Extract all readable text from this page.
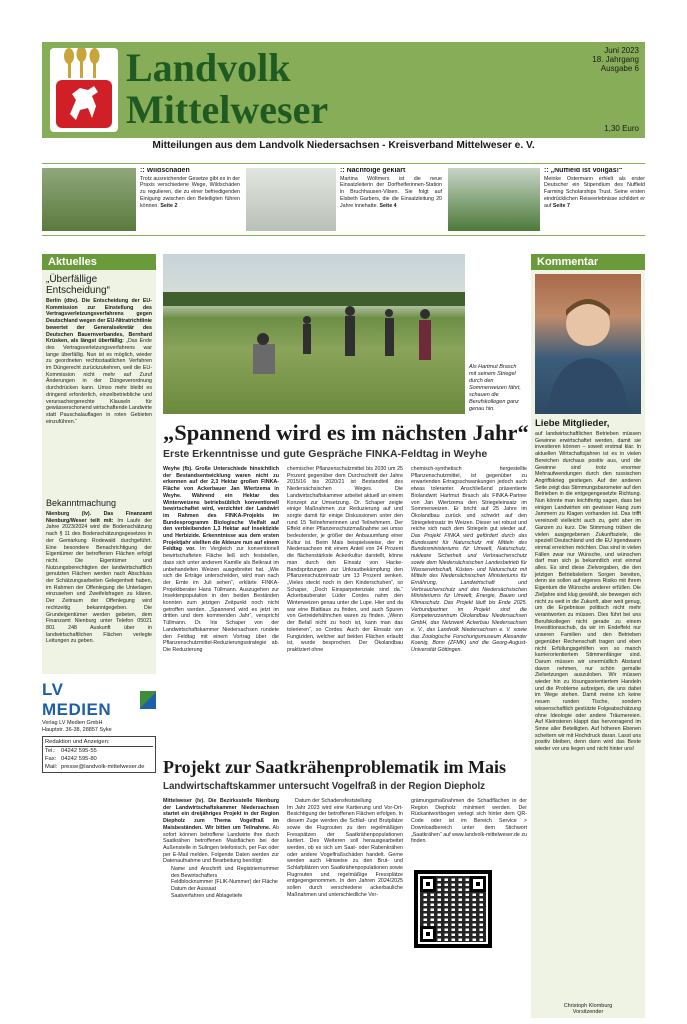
Landvolk
Mittelweser
Juni 2023
18. Jahrgang
Ausgabe 6
1,30 Euro
Mitteilungen aus dem Landvolk Niedersachsen - Kreisverband Mittelweser e. V.
:: Wildschäden
Trotz ausreichender Gesetze gibt es in der Praxis verschiedene Wege, Wildschäden zu regulieren, die zu einer befriedigenden Einigung zwischen den Beteiligten führen können. Seite 2
:: Nachfolge geklärt
Martina Wöltmers ist die neue Einsatzleiterin der Dorfhelferinnen-Station in Bruchhausen-Vilsen. Sie folgt auf Elsbeth Garbers, die die Einsatzleitung 20 Jahre innehatte. Seite 4
:: „Nuffield ist Voilgas!“
Meinke Ostermann erhielt als erster Deutscher ein Stipendium des Nuffield Farming Scholarships Trust. Seine ersten eindrücklichen Reiseerlebnisse schildert er auf Seite 7
Aktuelles
„Überfällige Entscheidung“
Berlin (dbv). Die Entscheidung der EU-Kommission zur Einstellung des Vertragsverletzungsverfahrens gegen Deutschland wegen der EU-Nitratrichtlinie bewertet der Generalsekretär des Deutschen Bauernverbandes, Bernhard Krüsken, als längst überfällig: „Das Ende des Vertragsverletzungsverfahrens war lange überfällig. Nun ist es möglich, wieder zu geordneten rechtsstaatlichen Verfahren im Düngerecht zurückzukehren, weil die EU-Kommission nicht mehr auf Zuruf Änderungen in der Düngeverordnung durchdrücken kann. Umso mehr bleibt es dringend erforderlich, einzelbetriebliche und verursachergerechte Klauseln für gewässerschonend wirtschaftende Landwirte statt Pauschalauflagen in roten Gebieten einzuführen.“
Bekanntmachung
Nienburg (lv). Das Finanzamt Nienburg/Weser teilt mit: Im Laufe der Jahre 2023/2024 wird die Bodenschätzung nach § 11 des Bodenschätzungsgesetzes in der Gemarkung Rodewald durchgeführt. Eine besondere Benachrichtigung der Eigentümer der betroffenen Flächen erfolgt nicht. Die Eigentümer und Nutzungsberechtigten der landwirtschaftlich genutzten Flächen werden nach Abschluss der Schätzungsarbeiten Gelegenheit haben, im Rahmen der Offenlegung die Unterlagen einzusehen und Zweifelsfragen zu klären. Der Zeitraum der Offenlegung wird rechtzeitig bekanntgegeben. Die Grundeigentümer werden gebeten, dem Finanzamt Nienburg unter Telefon 05021 801 248 Auskunft über in landwirtschaftlichen Flächen verlegte Leitungen zu geben.
LV MEDIEN
Verlag LV Medien GmbH
Hauptstr. 36-38, 28857 Syke
Redaktion und Anzeigen:
Tel.: 04242 595-55
Fax: 04242 595-80
Mail: presse@landvolk-mittelweser.de
Als Hartmut Brasch mit seinem Striegel durch den Sommerweizen fährt, schauen die Berufskollegen ganz genau hin.
„Spannend wird es im nächsten Jahr“
Erste Erkenntnisse und gute Gespräche FINKA-Feldtag in Weyhe
Weyhe (fb). Große Unterschiede hinsichtlich der Bestandsentwicklung waren nicht zu erkennen auf der 2,3 Hektar großen FINKA-Fläche von Ackerbauer Jan Wiertzema in Weyhe. Während ein Hektar des Winterweizens betriebsüblich konventionell bewirtschaftet wird, verzichtet der Landwirt im Rahmen des FINKA-Projekts im Bundesprogramm Biologische Vielfalt auf den verbleibenden 1,3 Hektar auf Insektizide und Herbizide. Erkenntnisse aus dem ersten Projektjahr stellten die Akteure nun auf einem Feldtag vor. Im Vergleich zur konventionell bewirtschafteten Fläche ließ sich feststellen, dass sich unter anderem Kamille als Beikraut im unbehandelten Weizen ausgebreitet hat. „Wie sich die Erträge unterscheiden, wird man nach der Ernte im Juli sehen“, erklärte FINKA-Projektberater Hans Tüllmann. Auszugehen zur Insektenpopulation in den beiden Beständen konnten zum jetzigen Zeitpunkt noch nicht getroffen werden. „Spannend wird es jetzt im dritten und dem kommenden Jahr“, verspricht Tüllmann. Dr. Iris Schaper von der Landwirtschaftskammer Niedersachsen rundete den Feldtag mit einem Vortrag über die Pflanzenschutzmittel-Reduzierungsstrategie ab. Die Reduzierung
chemischer Pflanzenschutzmittel bis 2030 um 25 Prozent gegenüber dem Durchschnitt der Jahre 2015/16 bis 2020/21 ist Bestandteil des Niedersächsischen Weges. Die Landwirtschaftskammer arbeitet aktuell an einem Konzept zur Umsetzung. Dr. Schaper zeigte einige Maßnahmen zur Reduzierung auf und sorgte damit für einige Diskussionen unter den rund 15 Teilnehmerinnen und Teilnehmern. Der Effekt einer Pflanzenschutzmaßnahme sei umso bedeutender, je größer der Anbauumfang einer Kultur ist. Beim Mais beispielsweise, der in Niedersachsen mit einem Anteil von 24 Prozent die flächenstärkste Ackerkultur darstellt, könne man durch den Einsatz von Hacke-Bandspritzungen zur Unkrautbekämpfung den Pflanzenschutzeinsatz um 13 Prozent senken. „Vieles steckt noch in den Kinderschuhen“, so Schaper, „Doch Einsparpotenziale sind da.“ Ackerbauberater Lüder Cordes nahm den Winterweizen genau unter die Lupe. Hier und da war eine Blattlaus zu finden, und auch Spuren von Getreidehähnchen waren zu finden. „Wenn der Befall nicht zu hoch ist, kann man das tolerieren“, so Cordes. Auch der Einsatz von Fungiziden, welcher auf beiden Flächen erlaubt ist, wurde besprochen. Der Ökolandbau praktiziert ohne
chemisch-synthetisch hergestellte Pflanzenschutzmittel, ist gegenüber zu erwartenden Ertragsschwankungen jedoch auch etwas toleranter. Anschließend präsentierte Biolandwirt Hartmut Brasch als FINKA-Partner von Jan Wiertzema den Striegeleinsatz im Sommerweizen. Er bricht auf 25 Jahre im Ökolandbau zurück und schwört auf den Striegeleinsatz im Weizen. Dieser sei robust und reiche sich nach dem Striegeln gut wieder auf. Das Projekt FINKA wird gefördert durch das Bundesamt für Naturschutz mit Mitteln des Bundesministeriums für Umwelt, Naturschutz, nukleare Sicherheit und Verbraucherschutz sowie dem Niedersächsischen Landesbetrieb für Wasserwirtschaft, Küsten- und Naturschutz mit Mitteln des Niedersächsischen Ministeriums für Ernährung, Landwirtschaft und Verbraucherschutz und des Niedersächsischen Ministeriums für Umwelt, Energie, Bauen und Klimaschutz. Das Projekt läuft bis Ende 2025. Verbundpartner im Projekt sind die Kompetenzzentrum Ökolandbau Niedersachsen GmbH, das Netzwerk Ackerbau Niedersachsen e. V., das Landvolk Niedersachsen e. V. sowie das Zoologische Forschungsmuseum Alexander Koenig, Bonn (ZFMK) und die Georg-August-Universität Göttingen.
Projekt zur Saatkrähenproblematik im Mais
Landwirtschaftskammer untersucht Vogelfraß in der Region Diepholz
Mittelweser (lv). Die Bezirksstelle Nienburg der Landwirtschaftskammer Niedersachsen startet ein dreijähriges Projekt in der Region Diepholz zum Thema Vogelfraß im Maisbeständen. Wir bitten um Teilnahme. Ab sofort können betroffene Landwirte ihre durch Saatkrähen betroffenen Maisflächen bei der Außenstelle in Sulingen telefonisch, per Fax oder per E-Mail melden. Folgende Daten werden zur Datenaufnahme und Bearbeitung benötigt:
• Name und Anschrift und Registriernummer des Bewirtschafters
• Feldblocknummer (FLIK-Nummer) der Fläche
• Datum der Aussaat
• Saatverfahren und Ablagetiefe
• Datum der Schadensfeststellung
Im Jahr 2023 wird eine Kartierung und Vor-Ort-Besichtigung der betroffenen Flächen erfolgen. In diesem Zuge werden die Schlaf- und Brutplätze sowie die Flugrouten zu den regelmäßigen Fresspätzen der Saatkrähenpopulationen kartiert. Des Weiteren soll herausgearbeitet werden, ob es sich um Saat- oder Rabenkrähen oder andere Vogelfraßschäden handelt. Gerne werden auch Hinweise zu den Brut- und Schlafplätzen von Saatkrähenpopulationen sowie Flugrouten und regelmäßige Fressplätze entgegengenommen. In den Jahren 2024/2025 sollen durch verschiedene ackerbauliche Maßnahmen und unterschiedliche Ver-
grämungsmaßnahmen die Schadflächen in der Region Diepholz minimiert werden. Der Rückantwortbogen verlegt sich hinter dem QR-Code oder ist im Bereich Service > Downloadbereich unter dem Stichwort „Saatkrähen“ auf www.landvolk-mittelweser.de zu finden.
Kommentar
Liebe Mitglieder,
auf landwirtschaftlichen Betrieben müssen Gewinne erwirtschaftet werden, damit sie investieren können – soweit erstmal klar. In aktuellen Wirtschaftsjahren ist es in vielen Bereichen durchaus positiv aus, und die Gewinne sind trotz enormer Mehraufwendungen durch den russischen Angriffskrieg gestiegen. Auf der anderen Seite zeigt das Stimmungsbarometer auf den Betrieben in die entgegengesetzte Richtung. Nun könnte man leichtfertig sagen, dass bei einigen Landwirten ein gewisser Hang zum Jammern zu Klagen vorhanden ist. Das trifft vereinzelt vielleicht auch zu, geht aber im Ganzen zu kurz. Die Stimmung trüben die vielen ausgegebenen Zukunftsziele, die speziell Deutschland und die EU irgendwann einmal erreichen möchten. Das sind in vielen Fällen zwar nur Wünsche, und wünschen darf man sich ja bekanntlich erst einmal alles. Es sind diese Zielvorgaben, die den jetzigen Betriebsleitern Sorgen bereiten, denn sie sollen auf eigenes Risiko mit ihrem Eigentum die Wünsche anderer erfüllen. Die Zieljahre sind klug gewählt, sie bewegen sich nicht zu weit in die Zukunft, aber weit genug, um die Ergebnisse politisch nicht mehr verantworten zu müssen. Dies führt bei uns Berufskollegen nicht gerade zu einem Investitionsschub, da wir im Endeffekt nur unseren Familien und den Betrieben gegenüber Rechenschaft tragen und eben nicht Erfüllungsgehilfen von so manch karrierorientiertem Stimmenfänger sind. Darum müssen wir unermüdlich Abstand davon nehmen, nur schön gemalte Zielsetzungen auszuloben. Wir müssen wieder hin zu lösungsorientiertem Handeln und die Probleme aufzeigen, die uns dabei im Wege stehen. Damit meine ich keine neuen runden Tische, sondern wissenschaftlich gestützte Folgeabschätzung ohne Ideologie oder andere Träumereien. Auf Kleinsteren klappt das hervorragend im Sinne aller Beteiligten. Auf höheren Ebenen scheitern wir mit Hochdruck daran. Lasst uns positiv bleiben, denn dann wird das Beste wieder vor uns liegen und nicht hinter uns!
Christoph Klomburg
Vorsitzender
